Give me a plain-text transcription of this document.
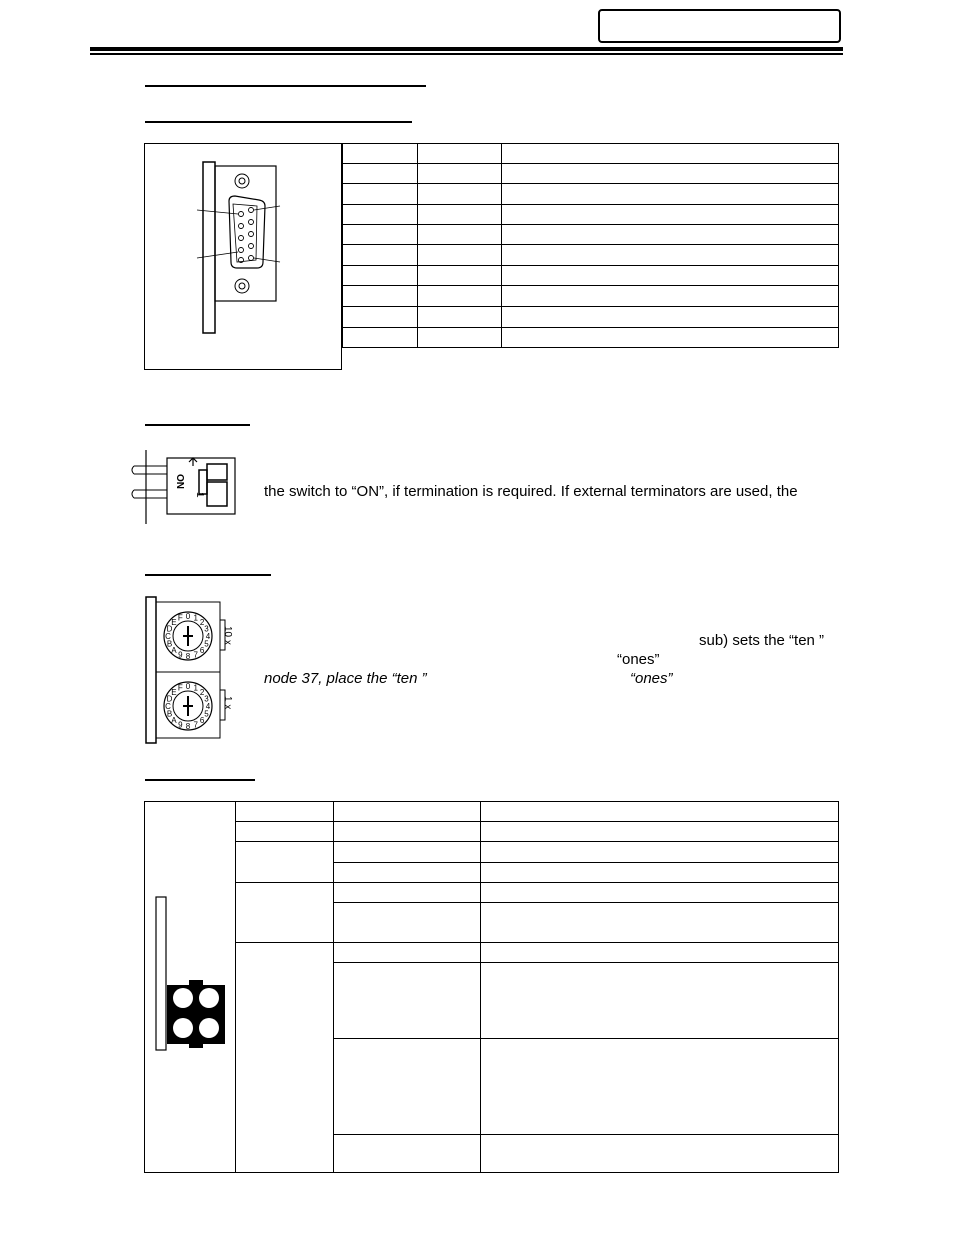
ON
1	the switch to “ON”, if termination is required. If external terminators are used, the
10 x
1 x
0 1 2
3
4
5
6
7
8
9
A
B
C
D
E F
0 1 2
3
4
5
6
7
8
9
A
B
C
D
E F
sub) sets the “ten ”
“ones”
node 37, place the “ten ”	“ones”
